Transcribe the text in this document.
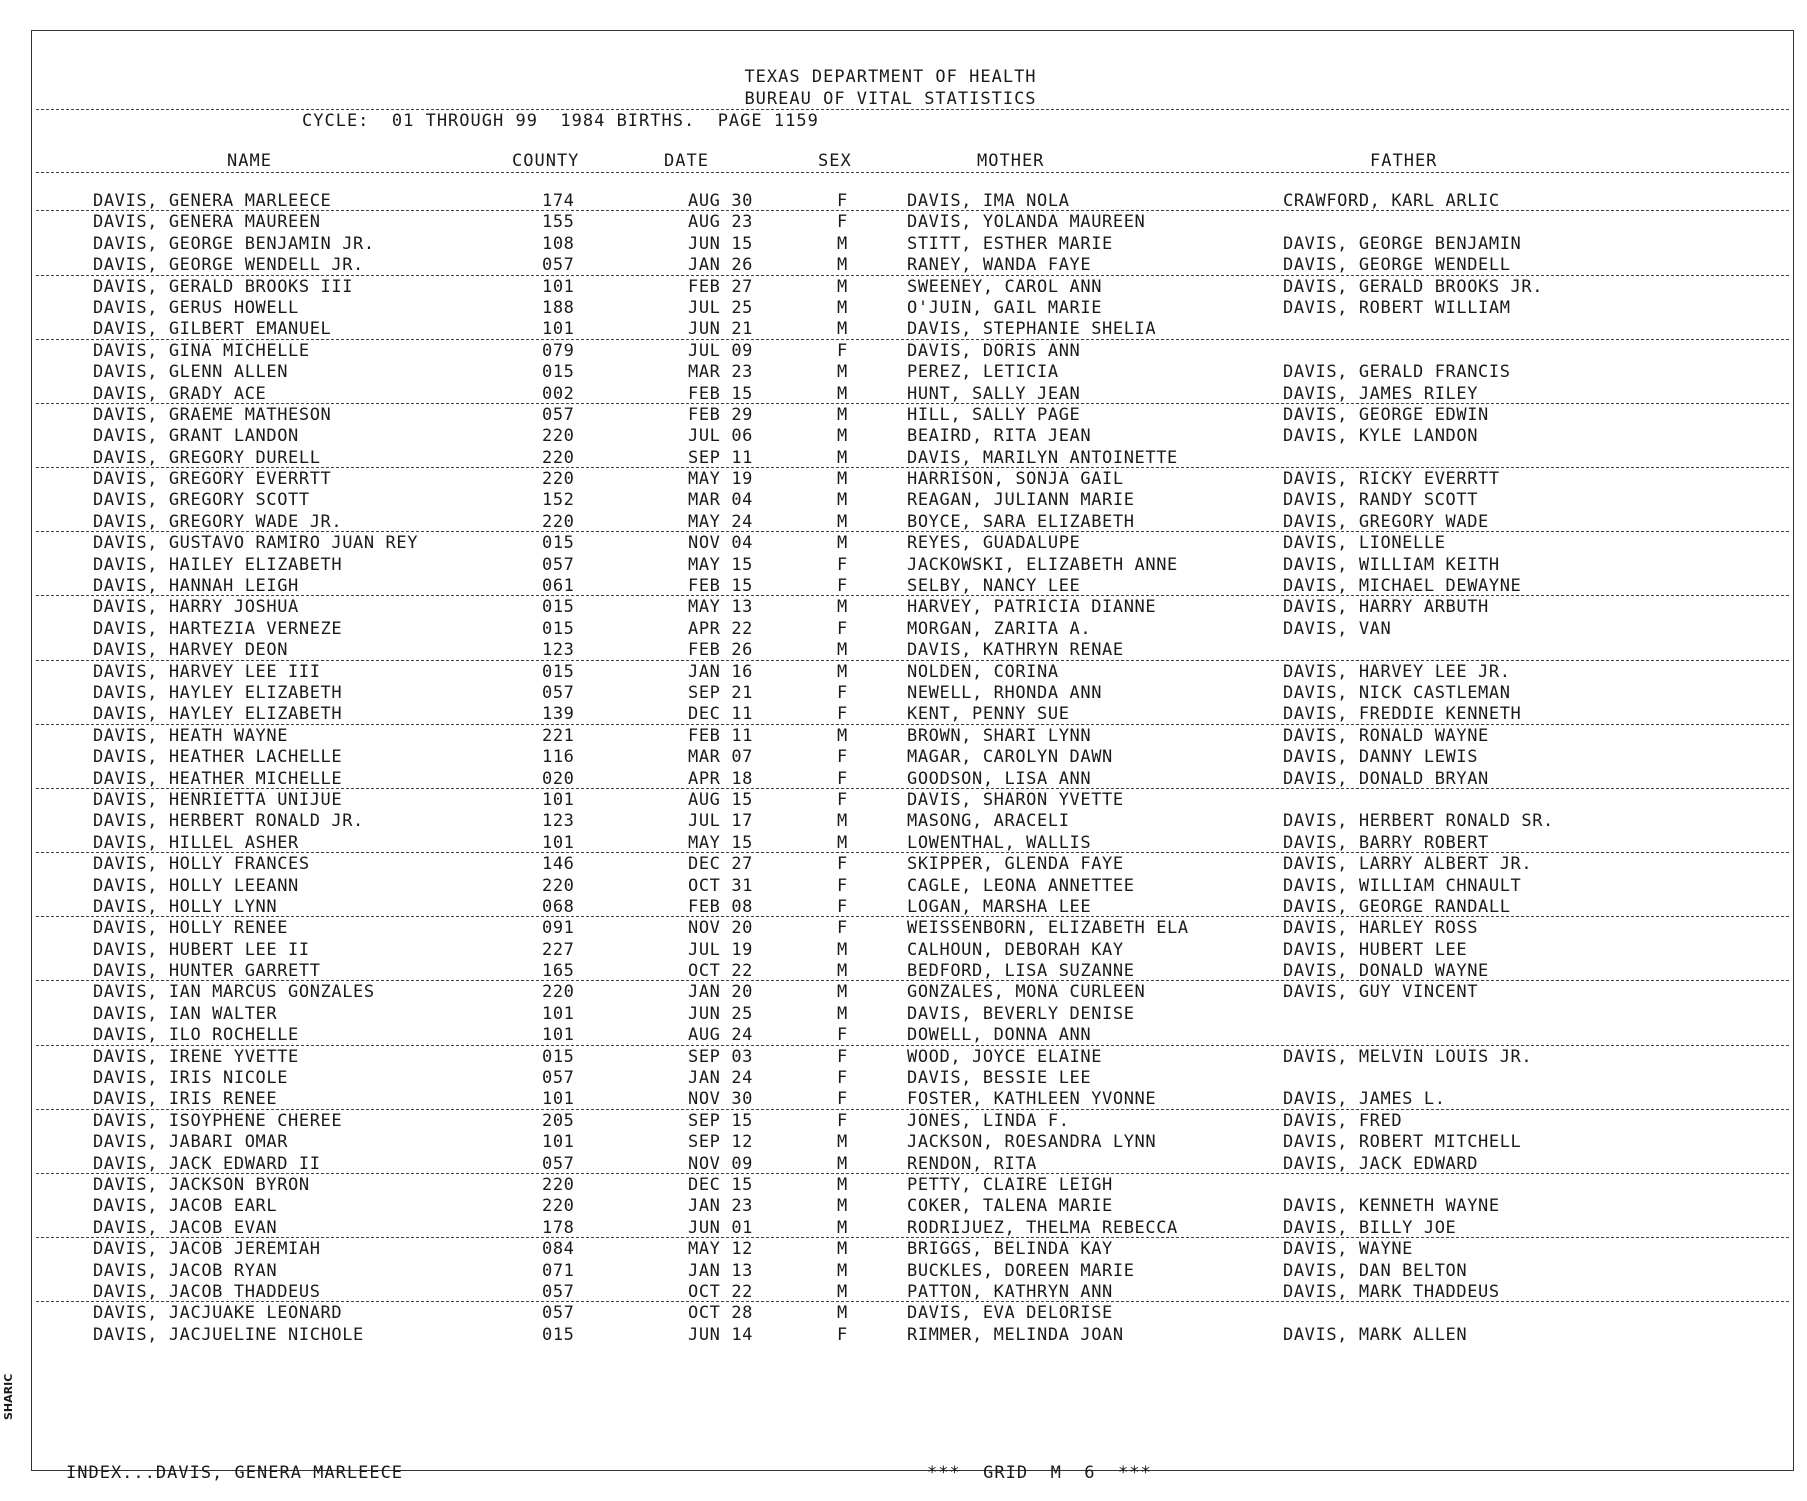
SHARIC
TEXAS DEPARTMENT OF HEALTH
BUREAU OF VITAL STATISTICS
CYCLE:  01 THROUGH 99  1984 BIRTHS.  PAGE 1159
NAME	COUNTY	DATE	SEX	MOTHER	FATHER
DAVIS, GENERA MARLEECE	174	AUG 30	F	DAVIS, IMA NOLA	CRAWFORD, KARL ARLIC
DAVIS, GENERA MAUREEN	155	AUG 23	F	DAVIS, YOLANDA MAUREEN
DAVIS, GEORGE BENJAMIN JR.	108	JUN 15	M	STITT, ESTHER MARIE	DAVIS, GEORGE BENJAMIN
DAVIS, GEORGE WENDELL JR.	057	JAN 26	M	RANEY, WANDA FAYE	DAVIS, GEORGE WENDELL
DAVIS, GERALD BROOKS III	101	FEB 27	M	SWEENEY, CAROL ANN	DAVIS, GERALD BROOKS JR.
DAVIS, GERUS HOWELL	188	JUL 25	M	O'JUIN, GAIL MARIE	DAVIS, ROBERT WILLIAM
DAVIS, GILBERT EMANUEL	101	JUN 21	M	DAVIS, STEPHANIE SHELIA
DAVIS, GINA MICHELLE	079	JUL 09	F	DAVIS, DORIS ANN
DAVIS, GLENN ALLEN	015	MAR 23	M	PEREZ, LETICIA	DAVIS, GERALD FRANCIS
DAVIS, GRADY ACE	002	FEB 15	M	HUNT, SALLY JEAN	DAVIS, JAMES RILEY
DAVIS, GRAEME MATHESON	057	FEB 29	M	HILL, SALLY PAGE	DAVIS, GEORGE EDWIN
DAVIS, GRANT LANDON	220	JUL 06	M	BEAIRD, RITA JEAN	DAVIS, KYLE LANDON
DAVIS, GREGORY DURELL	220	SEP 11	M	DAVIS, MARILYN ANTOINETTE
DAVIS, GREGORY EVERRTT	220	MAY 19	M	HARRISON, SONJA GAIL	DAVIS, RICKY EVERRTT
DAVIS, GREGORY SCOTT	152	MAR 04	M	REAGAN, JULIANN MARIE	DAVIS, RANDY SCOTT
DAVIS, GREGORY WADE JR.	220	MAY 24	M	BOYCE, SARA ELIZABETH	DAVIS, GREGORY WADE
DAVIS, GUSTAVO RAMIRO JUAN REY	015	NOV 04	M	REYES, GUADALUPE	DAVIS, LIONELLE
DAVIS, HAILEY ELIZABETH	057	MAY 15	F	JACKOWSKI, ELIZABETH ANNE	DAVIS, WILLIAM KEITH
DAVIS, HANNAH LEIGH	061	FEB 15	F	SELBY, NANCY LEE	DAVIS, MICHAEL DEWAYNE
DAVIS, HARRY JOSHUA	015	MAY 13	M	HARVEY, PATRICIA DIANNE	DAVIS, HARRY ARBUTH
DAVIS, HARTEZIA VERNEZE	015	APR 22	F	MORGAN, ZARITA A.	DAVIS, VAN
DAVIS, HARVEY DEON	123	FEB 26	M	DAVIS, KATHRYN RENAE
DAVIS, HARVEY LEE III	015	JAN 16	M	NOLDEN, CORINA	DAVIS, HARVEY LEE JR.
DAVIS, HAYLEY ELIZABETH	057	SEP 21	F	NEWELL, RHONDA ANN	DAVIS, NICK CASTLEMAN
DAVIS, HAYLEY ELIZABETH	139	DEC 11	F	KENT, PENNY SUE	DAVIS, FREDDIE KENNETH
DAVIS, HEATH WAYNE	221	FEB 11	M	BROWN, SHARI LYNN	DAVIS, RONALD WAYNE
DAVIS, HEATHER LACHELLE	116	MAR 07	F	MAGAR, CAROLYN DAWN	DAVIS, DANNY LEWIS
DAVIS, HEATHER MICHELLE	020	APR 18	F	GOODSON, LISA ANN	DAVIS, DONALD BRYAN
DAVIS, HENRIETTA UNIJUE	101	AUG 15	F	DAVIS, SHARON YVETTE
DAVIS, HERBERT RONALD JR.	123	JUL 17	M	MASONG, ARACELI	DAVIS, HERBERT RONALD SR.
DAVIS, HILLEL ASHER	101	MAY 15	M	LOWENTHAL, WALLIS	DAVIS, BARRY ROBERT
DAVIS, HOLLY FRANCES	146	DEC 27	F	SKIPPER, GLENDA FAYE	DAVIS, LARRY ALBERT JR.
DAVIS, HOLLY LEEANN	220	OCT 31	F	CAGLE, LEONA ANNETTEE	DAVIS, WILLIAM CHNAULT
DAVIS, HOLLY LYNN	068	FEB 08	F	LOGAN, MARSHA LEE	DAVIS, GEORGE RANDALL
DAVIS, HOLLY RENEE	091	NOV 20	F	WEISSENBORN, ELIZABETH ELA	DAVIS, HARLEY ROSS
DAVIS, HUBERT LEE II	227	JUL 19	M	CALHOUN, DEBORAH KAY	DAVIS, HUBERT LEE
DAVIS, HUNTER GARRETT	165	OCT 22	M	BEDFORD, LISA SUZANNE	DAVIS, DONALD WAYNE
DAVIS, IAN MARCUS GONZALES	220	JAN 20	M	GONZALES, MONA CURLEEN	DAVIS, GUY VINCENT
DAVIS, IAN WALTER	101	JUN 25	M	DAVIS, BEVERLY DENISE
DAVIS, ILO ROCHELLE	101	AUG 24	F	DOWELL, DONNA ANN
DAVIS, IRENE YVETTE	015	SEP 03	F	WOOD, JOYCE ELAINE	DAVIS, MELVIN LOUIS JR.
DAVIS, IRIS NICOLE	057	JAN 24	F	DAVIS, BESSIE LEE
DAVIS, IRIS RENEE	101	NOV 30	F	FOSTER, KATHLEEN YVONNE	DAVIS, JAMES L.
DAVIS, ISOYPHENE CHEREE	205	SEP 15	F	JONES, LINDA F.	DAVIS, FRED
DAVIS, JABARI OMAR	101	SEP 12	M	JACKSON, ROESANDRA LYNN	DAVIS, ROBERT MITCHELL
DAVIS, JACK EDWARD II	057	NOV 09	M	RENDON, RITA	DAVIS, JACK EDWARD
DAVIS, JACKSON BYRON	220	DEC 15	M	PETTY, CLAIRE LEIGH
DAVIS, JACOB EARL	220	JAN 23	M	COKER, TALENA MARIE	DAVIS, KENNETH WAYNE
DAVIS, JACOB EVAN	178	JUN 01	M	RODRIJUEZ, THELMA REBECCA	DAVIS, BILLY JOE
DAVIS, JACOB JEREMIAH	084	MAY 12	M	BRIGGS, BELINDA KAY	DAVIS, WAYNE
DAVIS, JACOB RYAN	071	JAN 13	M	BUCKLES, DOREEN MARIE	DAVIS, DAN BELTON
DAVIS, JACOB THADDEUS	057	OCT 22	M	PATTON, KATHRYN ANN	DAVIS, MARK THADDEUS
DAVIS, JACJUAKE LEONARD	057	OCT 28	M	DAVIS, EVA DELORISE
DAVIS, JACJUELINE NICHOLE	015	JUN 14	F	RIMMER, MELINDA JOAN	DAVIS, MARK ALLEN
INDEX...DAVIS, GENERA MARLEECE	***  GRID  M  6  ***
